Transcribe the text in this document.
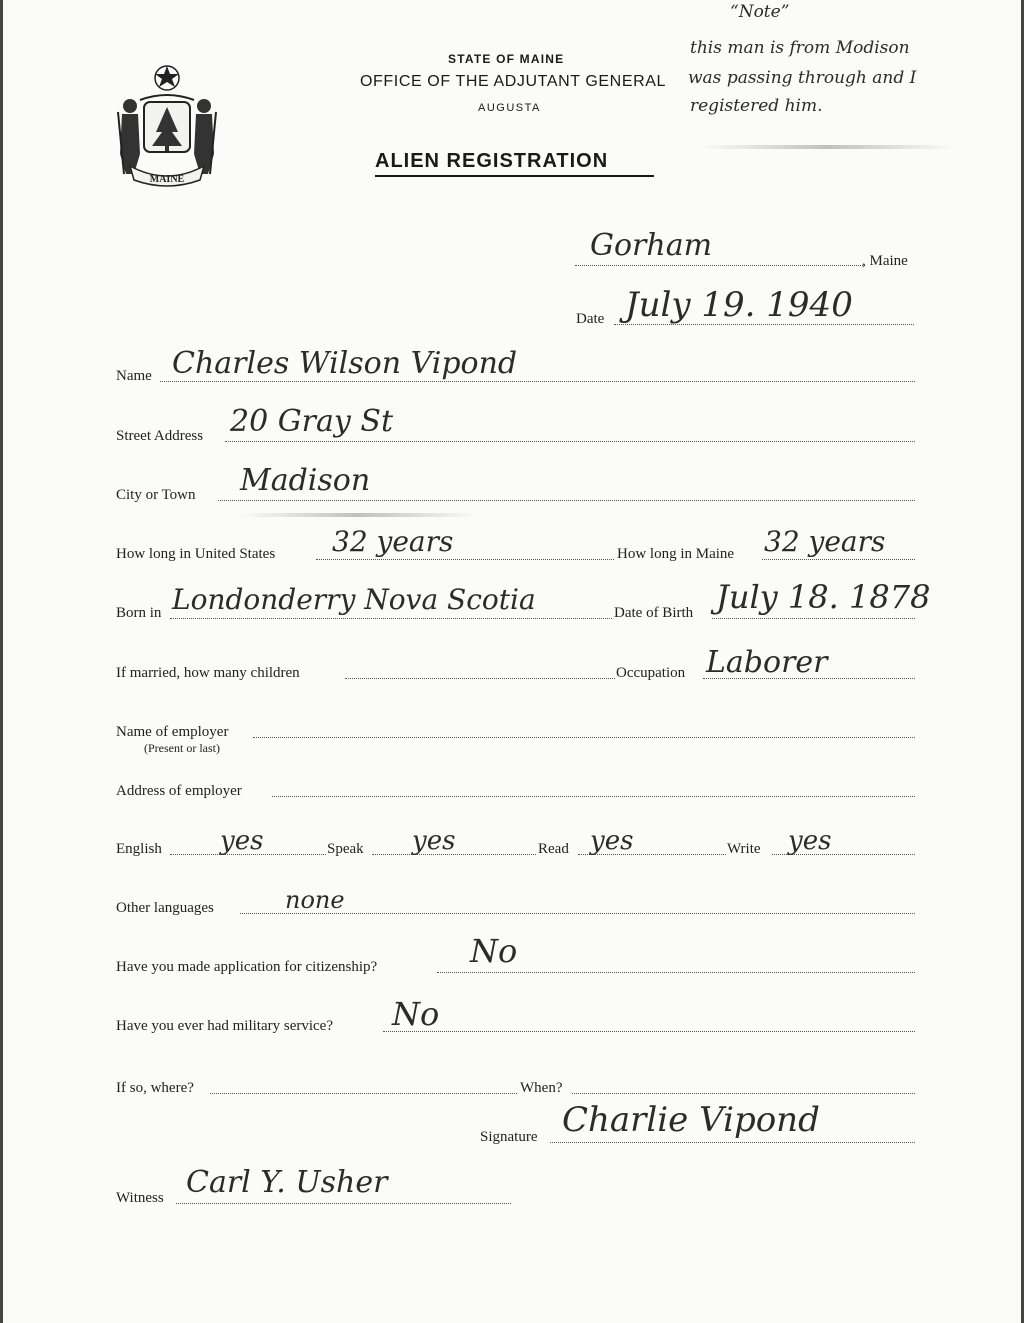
MAINE
STATE OF MAINE
OFFICE OF THE ADJUTANT GENERAL
AUGUSTA
ALIEN REGISTRATION
“Note”
this man is from Modison
was passing through and I
registered him.
Gorham	, Maine
Date July 19. 1940
Name Charles Wilson Vipond
Street Address 20 Gray St
City or Town Madison
How long in United States 32 years	How long in Maine 32 years
Born in Londonderry Nova Scotia	Date of Birth July 18. 1878
If married, how many children	Occupation Laborer
Name of employer
(Present or last)
Address of employer
English yes	Speak yes	Read yes	Write yes
Other languages	none
Have you made application for citizenship?	No
Have you ever had military service? No
If so, where?	When?
Signature Charlie Vipond
Witness Carl Y. Usher
